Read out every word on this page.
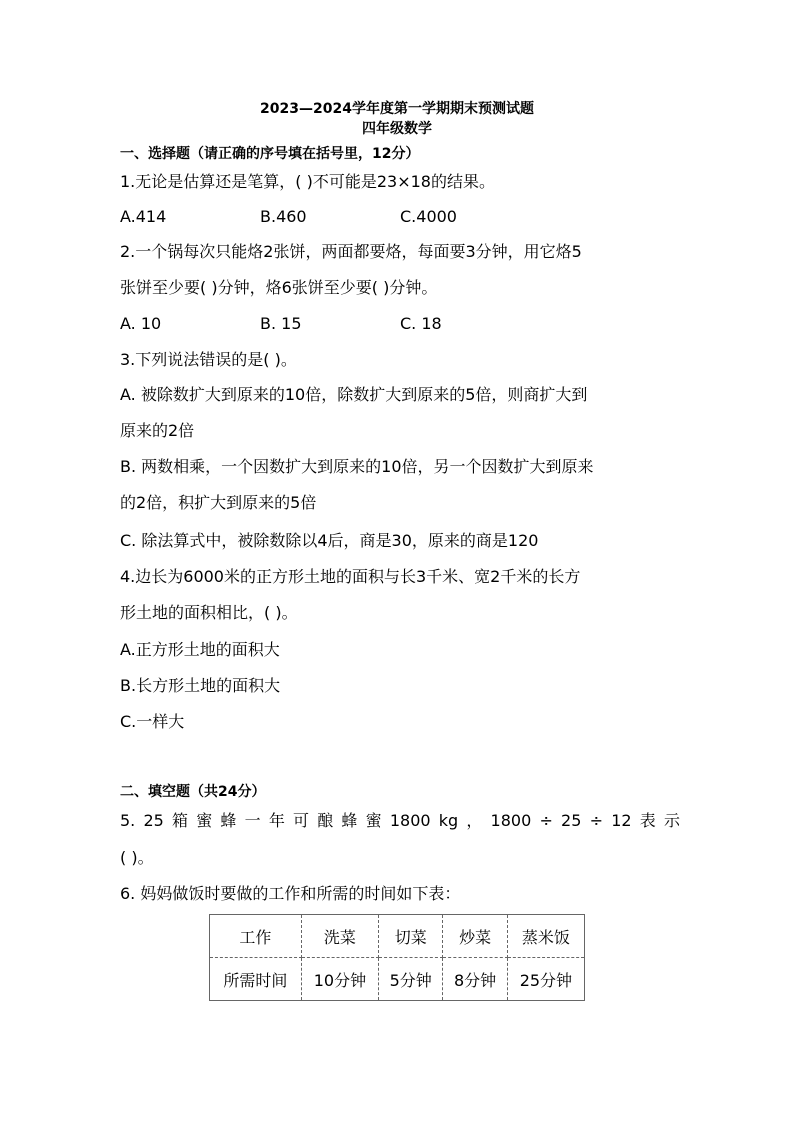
2023—2024学年度第一学期期末预测试题
四年级数学
一、选择题（请正确的序号填在括号里，12分）
1.无论是估算还是笔算，( )不可能是23×18的结果。
A.414	B.460	C.4000
2.一个锅每次只能烙2张饼，两面都要烙，每面要3分钟，用它烙5
张饼至少要( )分钟，烙6张饼至少要( )分钟。
A. 10	B. 15	C. 18
3.下列说法错误的是( )。
A. 被除数扩大到原来的10倍，除数扩大到原来的5倍，则商扩大到
原来的2倍
B. 两数相乘，一个因数扩大到原来的10倍，另一个因数扩大到原来
的2倍，积扩大到原来的5倍
C. 除法算式中，被除数除以4后，商是30，原来的商是120
4.边长为6000米的正方形土地的面积与长3千米、宽2千米的长方
形土地的面积相比，( )。
A.正方形土地的面积大
B.长方形土地的面积大
C.一样大
二、填空题（共24分）
5. 25 箱 蜜 蜂 一 年 可 酿 蜂 蜜 1800 kg ， 1800 ÷ 25 ÷ 12 表 示
( )。
6. 妈妈做饭时要做的工作和所需的时间如下表：
工作	洗菜	切菜	炒菜	蒸米饭
所需时间	10分钟	5分钟	8分钟	25分钟
